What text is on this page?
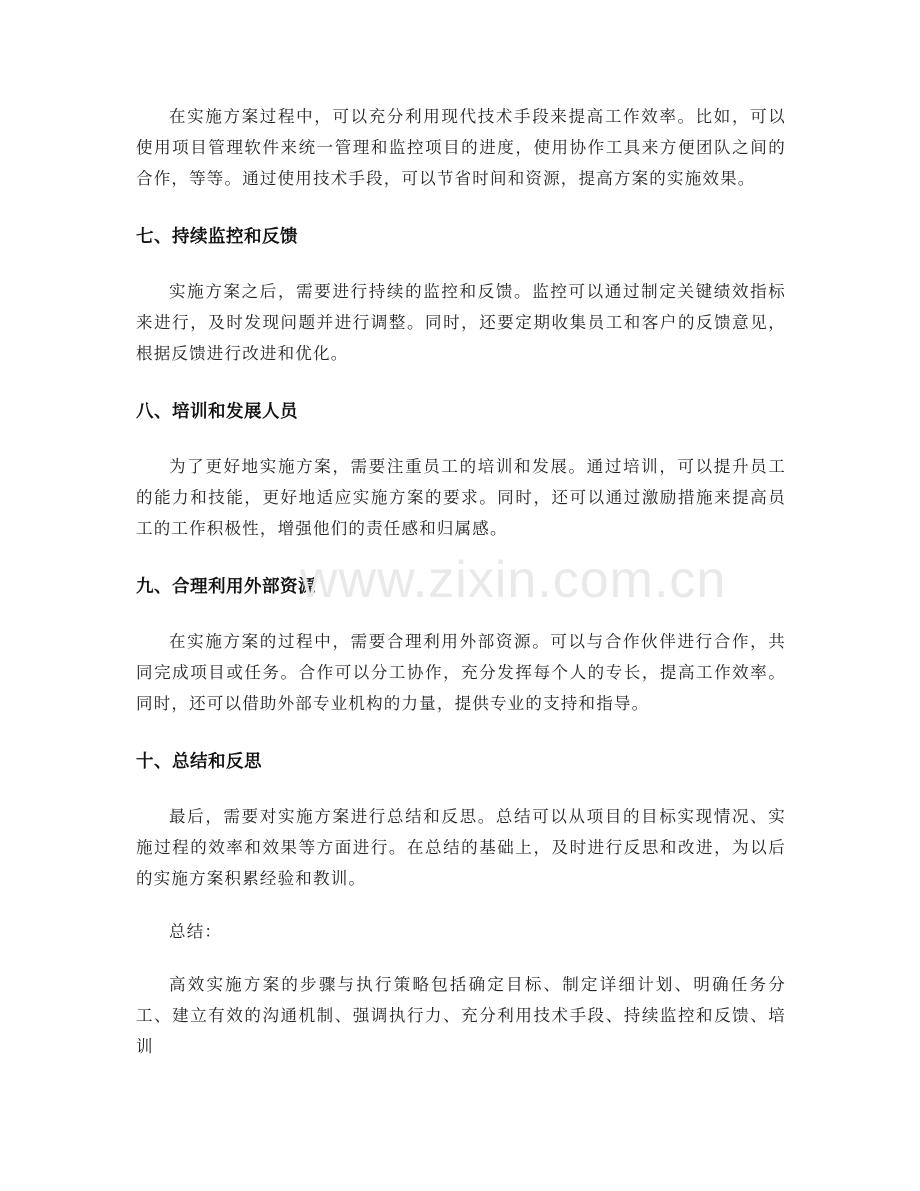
在实施方案过程中，可以充分利用现代技术手段来提高工作效率。比如，可以使用项目管理软件来统一管理和监控项目的进度，使用协作工具来方便团队之间的合作，等等。通过使用技术手段，可以节省时间和资源，提高方案的实施效果。

七、持续监控和反馈

实施方案之后，需要进行持续的监控和反馈。监控可以通过制定关键绩效指标来进行，及时发现问题并进行调整。同时，还要定期收集员工和客户的反馈意见，根据反馈进行改进和优化。

八、培训和发展人员

为了更好地实施方案，需要注重员工的培训和发展。通过培训，可以提升员工的能力和技能，更好地适应实施方案的要求。同时，还可以通过激励措施来提高员工的工作积极性，增强他们的责任感和归属感。

九、合理利用外部资源

在实施方案的过程中，需要合理利用外部资源。可以与合作伙伴进行合作，共同完成项目或任务。合作可以分工协作，充分发挥每个人的专长，提高工作效率。同时，还可以借助外部专业机构的力量，提供专业的支持和指导。

十、总结和反思

最后，需要对实施方案进行总结和反思。总结可以从项目的目标实现情况、实施过程的效率和效果等方面进行。在总结的基础上，及时进行反思和改进，为以后的实施方案积累经验和教训。

总结：

高效实施方案的步骤与执行策略包括确定目标、制定详细计划、明确任务分工、建立有效的沟通机制、强调执行力、充分利用技术手段、持续监控和反馈、培训

www.zixin.com.cn
